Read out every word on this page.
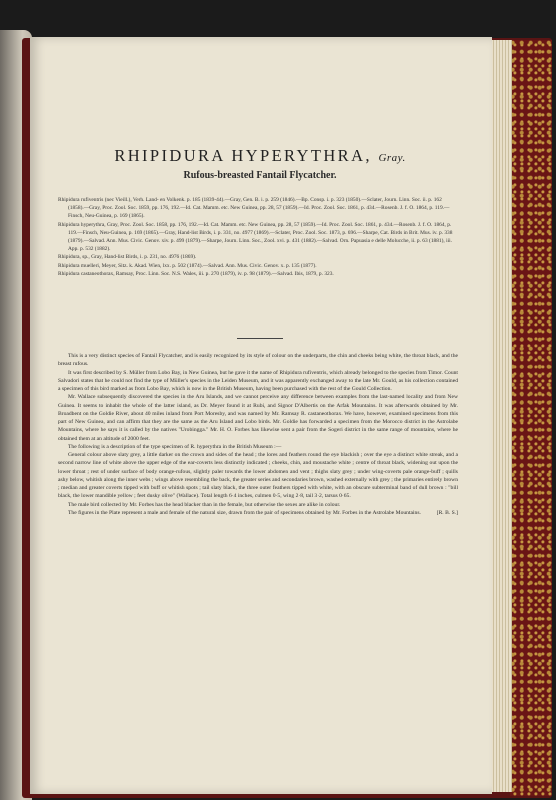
RHIPIDURA HYPERYTHRA, Gray.
Rufous-breasted Fantail Flycatcher.

Rhipidura rufiventris (nec Vieill.), Verh. Land- en Volkenk. p. 185 (1839-44).—Gray, Gen. B. i. p. 259 (1846).—Bp. Consp. i. p. 323 (1850).—Sclater, Journ. Linn. Soc. ii. p. 162 (1858).—Gray, Proc. Zool. Soc. 1859, pp. 176, 192.—Id. Cat. Mamm. etc. New Guinea, pp. 28, 57 (1859).—Id. Proc. Zool. Soc. 1861, p. 434.—Rosenb. J. f. O. 1864, p. 119.—Finsch, Neu-Guinea, p. 169 (1865).

Rhipidura hyperythra, Gray, Proc. Zool. Soc. 1858, pp. 176, 192.—Id. Cat. Mamm. etc. New Guinea, pp. 28, 57 (1859).—Id. Proc. Zool. Soc. 1861, p. 434.—Rosenb. J. f. O. 1864, p. 119.—Finsch, Neu-Guinea, p. 169 (1865).—Gray, Hand-list Birds, i. p. 331, no. 4977 (1869).—Sclater, Proc. Zool. Soc. 1873, p. 696.—Sharpe, Cat. Birds in Brit. Mus. iv. p. 338 (1879).—Salvad. Ann. Mus. Civic. Genov. xiv. p. 499 (1879).—Sharpe, Journ. Linn. Soc., Zool. xvi. p. 431 (1882).—Salvad. Orn. Papuasia e delle Molucche, ii. p. 63 (1881), iii. App. p. 532 (1882).

Rhipidura, sp., Gray, Hand-list Birds, i. p. 231, no. 4976 (1869).

Rhipidura muelleri, Meyer, Sitz. k. Akad. Wien, lxx. p. 502 (1874).—Salvad. Ann. Mus. Civic. Genov. x. p. 135 (1877).

Rhipidura castaneothorax, Ramsay, Proc. Linn. Soc. N.S. Wales, iii. p. 270 (1879), iv. p. 98 (1879).—Salvad. Ibis, 1879, p. 323.

This is a very distinct species of Fantail Flycatcher, and is easily recognized by its style of colour on the underparts, the chin and cheeks being white, the throat black, and the breast rufous.

It was first described by S. Müller from Lobo Bay, in New Guinea, but he gave it the name of Rhipidura rufiventris, which already belonged to the species from Timor. Count Salvadori states that he could not find the type of Müller's species in the Leiden Museum, and it was apparently exchanged away to the late Mr. Gould, as his collection contained a specimen of this bird marked as from Lobo Bay, which is now in the British Museum, having been purchased with the rest of the Gould Collection.

Mr. Wallace subsequently discovered the species in the Aru Islands, and we cannot perceive any difference between examples from the last-named locality and from New Guinea. It seems to inhabit the whole of the latter island, as Dr. Meyer found it at Rubi, and Signor D'Albertis on the Arfak Mountains. It was afterwards obtained by Mr. Broadbent on the Goldie River, about 40 miles inland from Port Moresby, and was named by Mr. Ramsay R. castaneothorax. We have, however, examined specimens from this part of New Guinea, and can affirm that they are the same as the Aru Island and Lobo birds. Mr. Goldie has forwarded a specimen from the Morocco district in the Astrolabe Mountains, where he says it is called by the natives "Urobingga." Mr. H. O. Forbes has likewise sent a pair from the Sogeri district in the same range of mountains, where he obtained them at an altitude of 2000 feet.

The following is a description of the type specimen of R. hyperythra in the British Museum :—

General colour above slaty grey, a little darker on the crown and sides of the head ; the lores and feathers round the eye blackish ; over the eye a distinct white streak, and a second narrow line of white above the upper edge of the ear-coverts less distinctly indicated ; cheeks, chin, and moustache white ; centre of throat black, widening out upon the lower throat ; rest of under surface of body orange-rufous, slightly paler towards the lower abdomen and vent ; thighs slaty grey ; under wing-coverts pale orange-buff ; quills ashy below, whitish along the inner webs ; wings above resembling the back, the greater series and secondaries brown, washed externally with grey ; the primaries entirely brown ; median and greater coverts tipped with buff or whitish spots ; tail slaty black, the three outer feathers tipped with white, with an obscure subterminal band of dull brown : "bill black, the lower mandible yellow ; feet dusky olive" (Wallace). Total length 6·4 inches, culmen 0·5, wing 2·8, tail 3·2, tarsus 0·65.

The male bird collected by Mr. Forbes has the head blacker than in the female, but otherwise the sexes are alike in colour.

The figures in the Plate represent a male and female of the natural size, drawn from the pair of specimens obtained by Mr. Forbes in the Astrolabe Mountains.	[R. B. S.]
